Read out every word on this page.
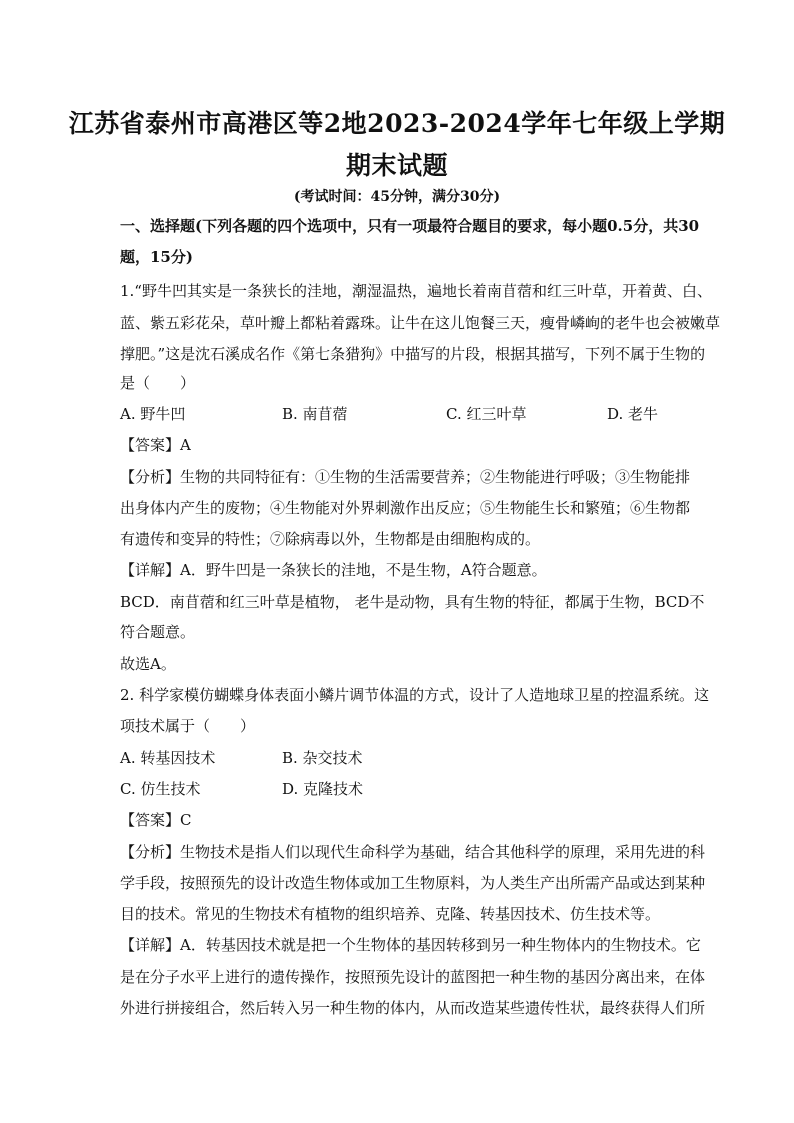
江苏省泰州市高港区等2地2023-2024学年七年级上学期
期末试题
(考试时间：45分钟，满分30分)
一、选择题(下列各题的四个选项中，只有一项最符合题目的要求，每小题0.5分，共30
题，15分)
1.“野牛凹其实是一条狭长的洼地，潮湿温热，遍地长着南苜蓿和红三叶草，开着黄、白、
蓝、紫五彩花朵，草叶瓣上都粘着露珠。让牛在这儿饱餐三天，瘦骨嶙峋的老牛也会被嫩草
撑肥。”这是沈石溪成名作《第七条猎狗》中描写的片段，根据其描写，下列不属于生物的
是（　　）
A. 野牛凹	B. 南苜蓿	C. 红三叶草	D. 老牛
【答案】A
【分析】生物的共同特征有：①生物的生活需要营养；②生物能进行呼吸；③生物能排
出身体内产生的废物；④生物能对外界刺激作出反应；⑤生物能生长和繁殖；⑥生物都
有遗传和变异的特性；⑦除病毒以外，生物都是由细胞构成的。
【详解】A．野牛凹是一条狭长的洼地，不是生物，A符合题意。
BCD．南苜蓿和红三叶草是植物， 老牛是动物，具有生物的特征，都属于生物，BCD不
符合题意。
故选A。
2. 科学家模仿蝴蝶身体表面小鳞片调节体温的方式，设计了人造地球卫星的控温系统。这
项技术属于（　　）
A. 转基因技术	B. 杂交技术
C. 仿生技术	D. 克隆技术
【答案】C
【分析】生物技术是指人们以现代生命科学为基础，结合其他科学的原理，采用先进的科
学手段，按照预先的设计改造生物体或加工生物原料，为人类生产出所需产品或达到某种
目的技术。常见的生物技术有植物的组织培养、克隆、转基因技术、仿生技术等。
【详解】A．转基因技术就是把一个生物体的基因转移到另一种生物体内的生物技术。它
是在分子水平上进行的遗传操作，按照预先设计的蓝图把一种生物的基因分离出来，在体
外进行拼接组合，然后转入另一种生物的体内，从而改造某些遗传性状，最终获得人们所
